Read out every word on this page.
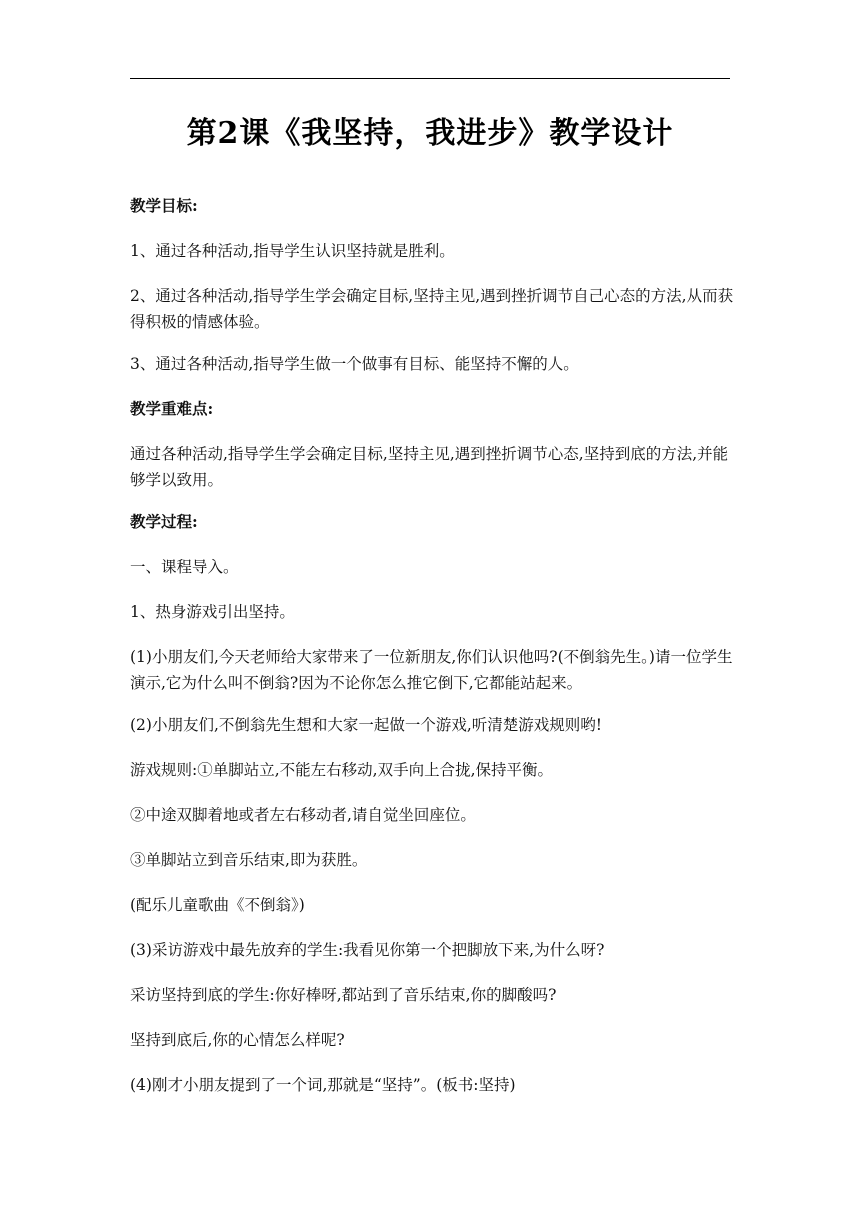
第2课《我坚持，我进步》教学设计
教学目标:
1、通过各种活动,指导学生认识坚持就是胜利。
2、通过各种活动,指导学生学会确定目标,坚持主见,遇到挫折调节自己心态的方法,从而获得积极的情感体验。
3、通过各种活动,指导学生做一个做事有目标、能坚持不懈的人。
教学重难点:
通过各种活动,指导学生学会确定目标,坚持主见,遇到挫折调节心态,坚持到底的方法,并能够学以致用。
教学过程:
一、课程导入。
1、热身游戏引出坚持。
(1)小朋友们,今天老师给大家带来了一位新朋友,你们认识他吗?(不倒翁先生。)请一位学生演示,它为什么叫不倒翁?因为不论你怎么推它倒下,它都能站起来。
(2)小朋友们,不倒翁先生想和大家一起做一个游戏,听清楚游戏规则哟!
游戏规则:①单脚站立,不能左右移动,双手向上合拢,保持平衡。
②中途双脚着地或者左右移动者,请自觉坐回座位。
③单脚站立到音乐结束,即为获胜。
(配乐儿童歌曲《不倒翁》)
(3)采访游戏中最先放弃的学生:我看见你第一个把脚放下来,为什么呀?
采访坚持到底的学生:你好棒呀,都站到了音乐结束,你的脚酸吗?
坚持到底后,你的心情怎么样呢?
(4)刚才小朋友提到了一个词,那就是“坚持”。(板书:坚持)
